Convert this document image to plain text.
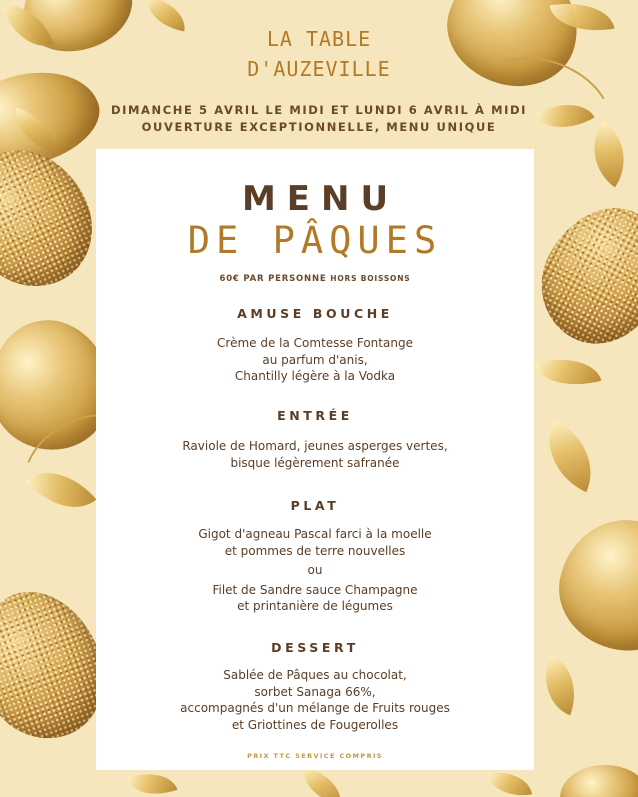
LA TABLE
D'AUZEVILLE
DIMANCHE 5 AVRIL LE MIDI ET LUNDI 6 AVRIL À MIDI
OUVERTURE EXCEPTIONNELLE, MENU UNIQUE
MENU
DE PÂQUES
60€ PAR PERSONNE HORS BOISSONS
AMUSE BOUCHE
Crème de la Comtesse Fontange
au parfum d'anis,
Chantilly légère à la Vodka
ENTRÉE
Raviole de Homard, jeunes asperges vertes,
bisque légèrement safranée
PLAT
Gigot d'agneau Pascal farci à la moelle
et pommes de terre nouvelles
ou
Filet de Sandre sauce Champagne
et printanière de légumes
DESSERT
Sablée de Pâques au chocolat,
sorbet Sanaga 66%,
accompagnés d'un mélange de Fruits rouges
et Griottines de Fougerolles
PRIX TTC SERVICE COMPRIS
